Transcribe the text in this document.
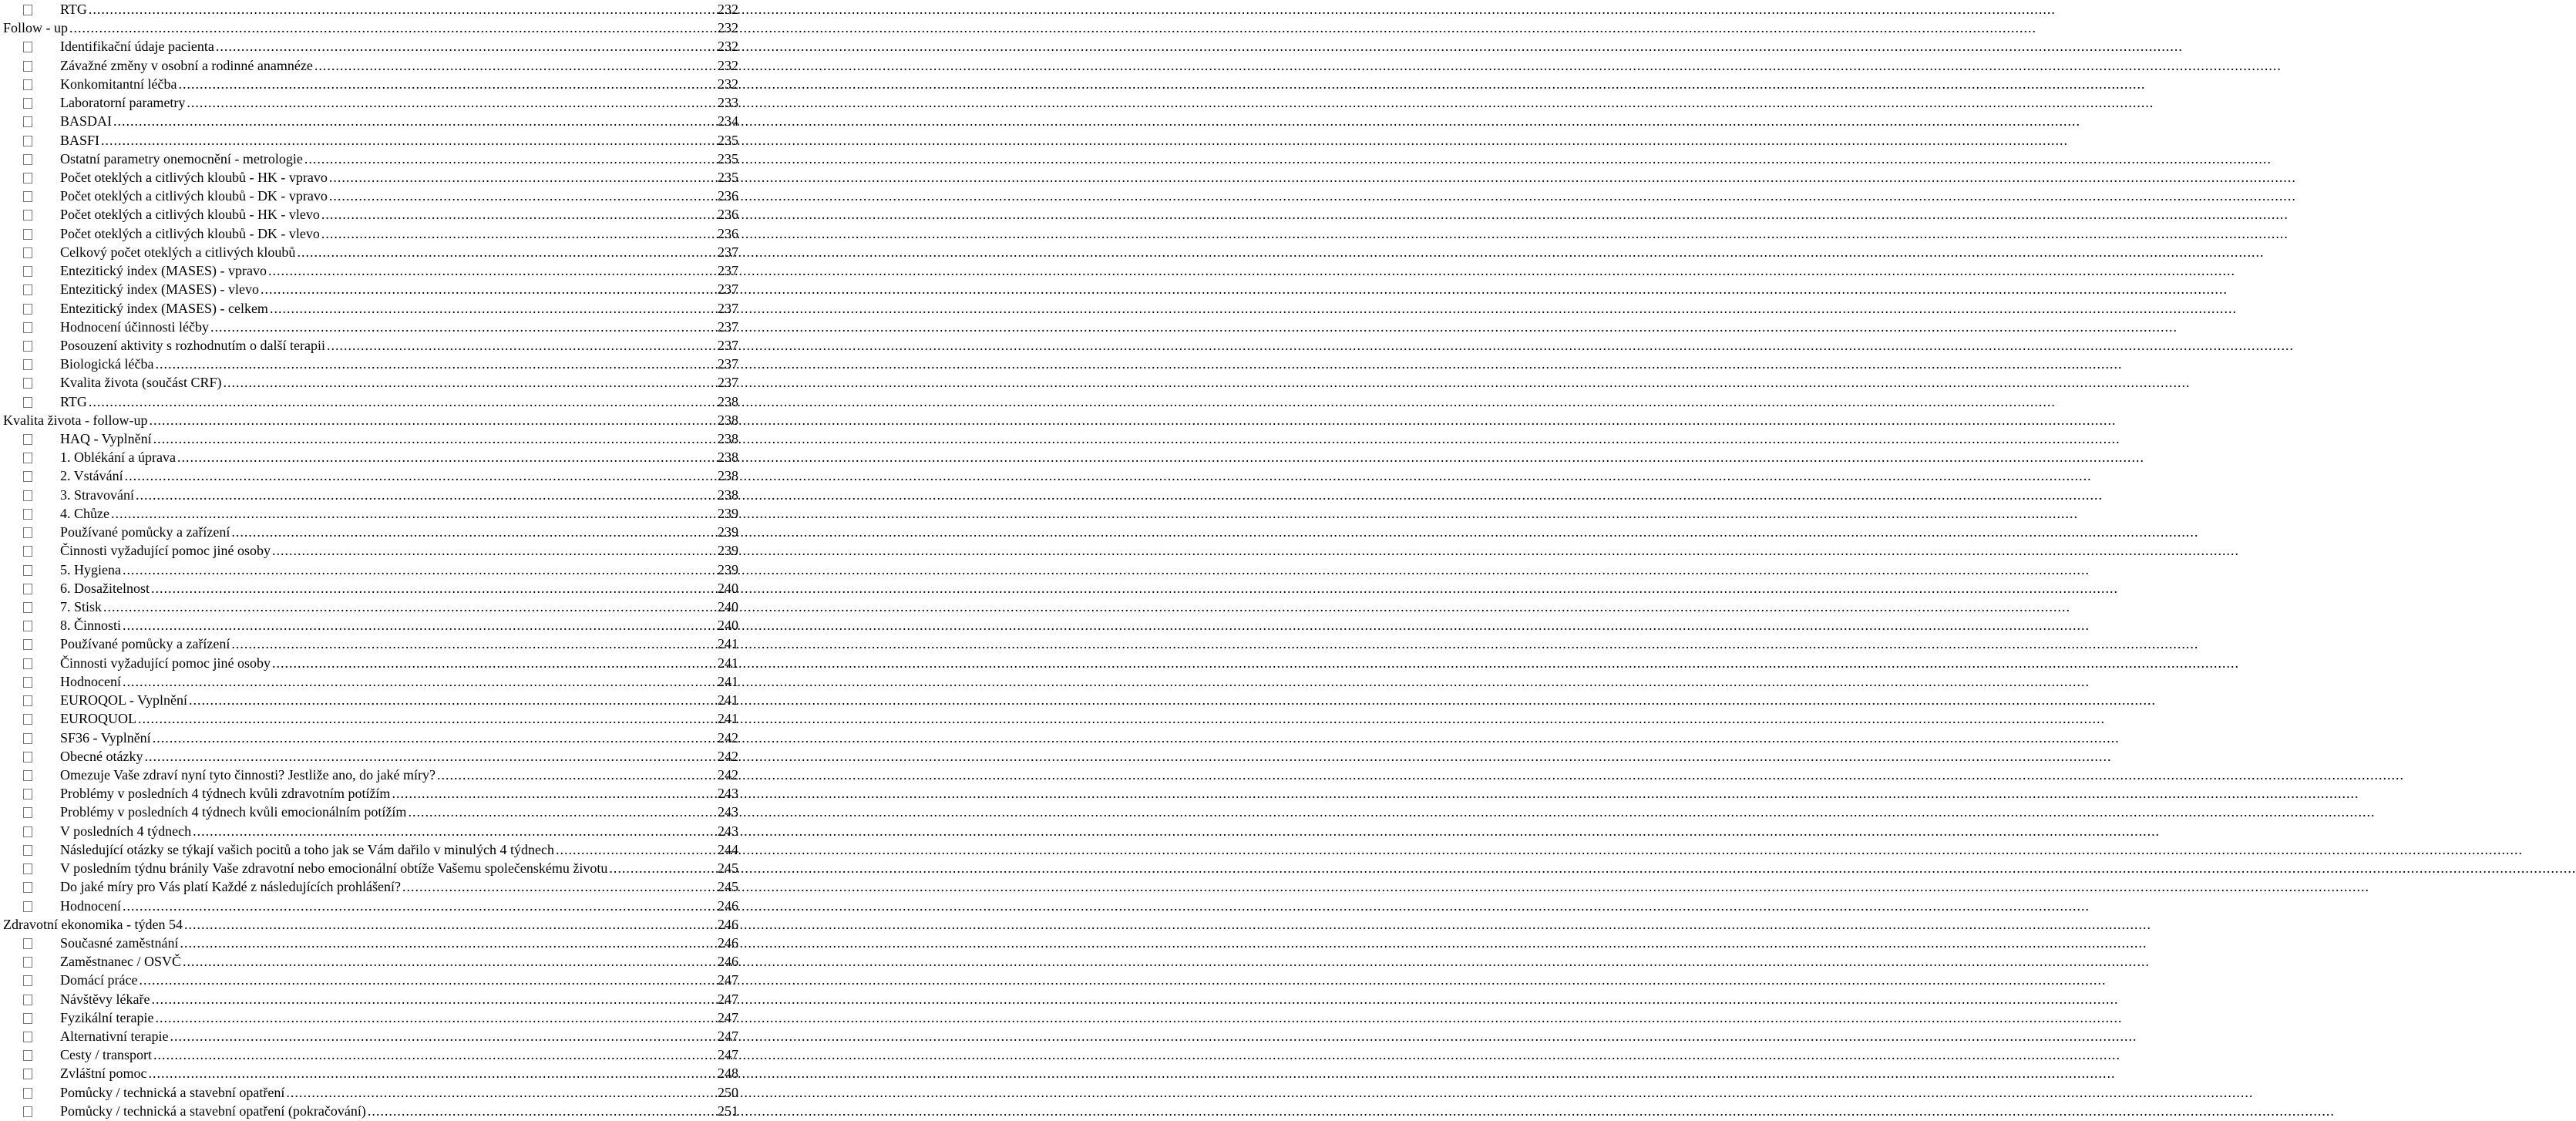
RTG .....	232
Follow - up .....	232
Identifikační údaje pacienta .....	232
Závažné změny v osobní a rodinné anamnéze .....	232
Konkomitantní léčba .....	232
Laboratorní parametry .....	233
BASDAI .....	234
BASFI .....	235
Ostatní parametry onemocnění - metrologie .....	235
Počet oteklých a citlivých kloubů - HK - vpravo .....	235
Počet oteklých a citlivých kloubů - DK - vpravo .....	236
Počet oteklých a citlivých kloubů - HK - vlevo .....	236
Počet oteklých a citlivých kloubů - DK - vlevo .....	236
Celkový počet oteklých a citlivých kloubů .....	237
Entezitický index (MASES) - vpravo .....	237
Entezitický index (MASES) - vlevo .....	237
Entezitický index (MASES) - celkem .....	237
Hodnocení účinnosti léčby .....	237
Posouzení aktivity s rozhodnutím o další terapii .....	237
Biologická léčba .....	237
Kvalita života (součást CRF) .....	237
RTG .....	238
Kvalita života - follow-up .....	238
HAQ - Vyplnění .....	238
1. Oblékání a úprava .....	238
2. Vstávání .....	238
3. Stravování .....	238
4. Chůze .....	239
Používané pomůcky a zařízení .....	239
Činnosti vyžadující pomoc jiné osoby .....	239
5. Hygiena .....	239
6. Dosažitelnost .....	240
7. Stisk .....	240
8. Činnosti .....	240
Používané pomůcky a zařízení .....	241
Činnosti vyžadující pomoc jiné osoby .....	241
Hodnocení .....	241
EUROQOL - Vyplnění .....	241
EUROQUOL .....	241
SF36 - Vyplnění .....	242
Obecné otázky .....	242
Omezuje Vaše zdraví nyní tyto činnosti? Jestliže ano, do jaké míry? .....	242
Problémy v posledních 4 týdnech kvůli zdravotním potížím .....	243
Problémy v posledních 4 týdnech kvůli emocionálním potížím .....	243
V posledních 4 týdnech .....	243
Následující otázky se týkají vašich pocitů a toho jak se Vám dařilo v minulých 4 týdnech .....	244
V posledním týdnu bránily Vaše zdravotní nebo emocionální obtíže Vašemu společenskému životu .....	245
Do jaké míry pro Vás platí Každé z následujících prohlášení? .....	245
Hodnocení .....	246
Zdravotní ekonomika - týden 54 .....	246
Současné zaměstnání .....	246
Zaměstnanec / OSVČ .....	246
Domácí práce .....	247
Návštěvy lékaře .....	247
Fyzikální terapie .....	247
Alternativní terapie .....	247
Cesty / transport .....	247
Zvláštní pomoc .....	248
Pomůcky / technická a stavební opatření .....	250
Pomůcky / technická a stavební opatření (pokračování) .....	251
